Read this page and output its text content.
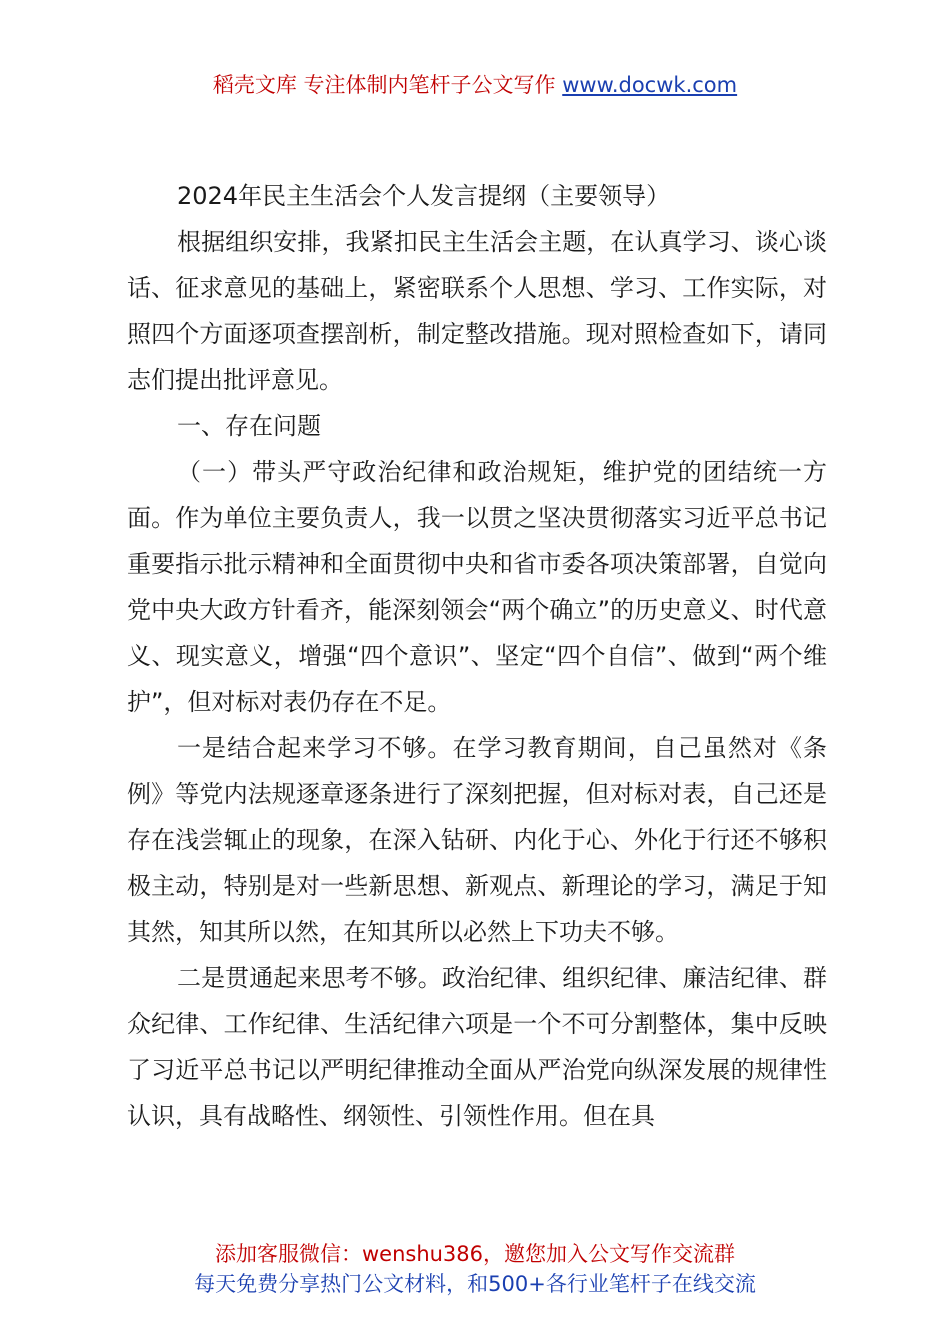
稻壳文库 专注体制内笔杆子公文写作 www.docwk.com

2024年民主生活会个人发言提纲（主要领导）

根据组织安排，我紧扣民主生活会主题，在认真学习、谈心谈话、征求意见的基础上，紧密联系个人思想、学习、工作实际，对照四个方面逐项查摆剖析，制定整改措施。现对照检查如下，请同志们提出批评意见。

一、存在问题

（一）带头严守政治纪律和政治规矩，维护党的团结统一方面。作为单位主要负责人，我一以贯之坚决贯彻落实习近平总书记重要指示批示精神和全面贯彻中央和省市委各项决策部署，自觉向党中央大政方针看齐，能深刻领会“两个确立”的历史意义、时代意义、现实意义，增强“四个意识”、坚定“四个自信”、做到“两个维护”，但对标对表仍存在不足。

一是结合起来学习不够。在学习教育期间，自己虽然对《条例》等党内法规逐章逐条进行了深刻把握，但对标对表，自己还是存在浅尝辄止的现象，在深入钻研、内化于心、外化于行还不够积极主动，特别是对一些新思想、新观点、新理论的学习，满足于知其然，知其所以然，在知其所以必然上下功夫不够。

二是贯通起来思考不够。政治纪律、组织纪律、廉洁纪律、群众纪律、工作纪律、生活纪律六项是一个不可分割整体，集中反映了习近平总书记以严明纪律推动全面从严治党向纵深发展的规律性认识，具有战略性、纲领性、引领性作用。但在具

添加客服微信：wenshu386，邀您加入公文写作交流群
每天免费分享热门公文材料，和500+各行业笔杆子在线交流
